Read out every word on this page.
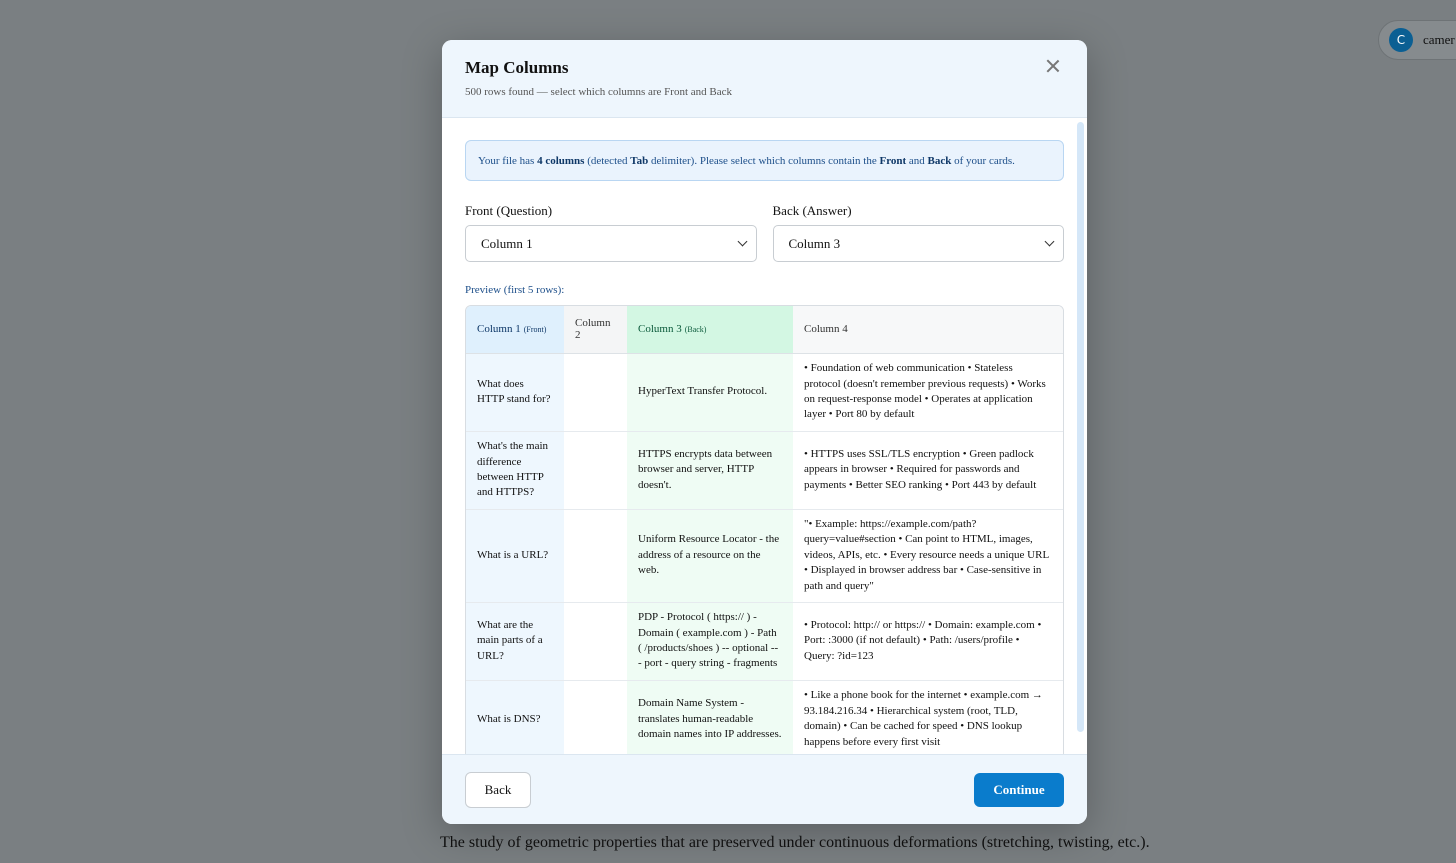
C	camer
The study of geometric properties that are preserved under continuous deformations (stretching, twisting, etc.).
Map Columns
500 rows found — select which columns are Front and Back
Your file has 4 columns (detected Tab delimiter). Please select which columns contain the Front and Back of your cards.
Front (Question)
Column 1
Back (Answer)
Column 3
Preview (first 5 rows):
Column 1 (Front)	Column 2	Column 3 (Back)	Column 4
What does HTTP stand for?		HyperText Transfer Protocol.	• Foundation of web communication • Stateless protocol (doesn't remember previous requests) • Works on request-response model • Operates at application layer • Port 80 by default
What's the main difference between HTTP and HTTPS?		HTTPS encrypts data between browser and server, HTTP doesn't.	• HTTPS uses SSL/TLS encryption • Green padlock appears in browser • Required for passwords and payments • Better SEO ranking • Port 443 by default
What is a URL?		Uniform Resource Locator - the address of a resource on the web.	"• Example: https://example.com/path?query=value#section • Can point to HTML, images, videos, APIs, etc. • Every resource needs a unique URL • Displayed in browser address bar • Case-sensitive in path and query"
What are the main parts of a URL?		PDP - Protocol ( https:// ) - Domain ( example.com ) - Path ( /products/shoes ) -- optional -- - port - query string - fragments	• Protocol: http:// or https:// • Domain: example.com • Port: :3000 (if not default) • Path: /users/profile • Query: ?id=123
What is DNS?		Domain Name System - translates human-readable domain names into IP addresses.	• Like a phone book for the internet • example.com → 93.184.216.34 • Hierarchical system (root, TLD, domain) • Can be cached for speed • DNS lookup happens before every first visit
Back	Continue
